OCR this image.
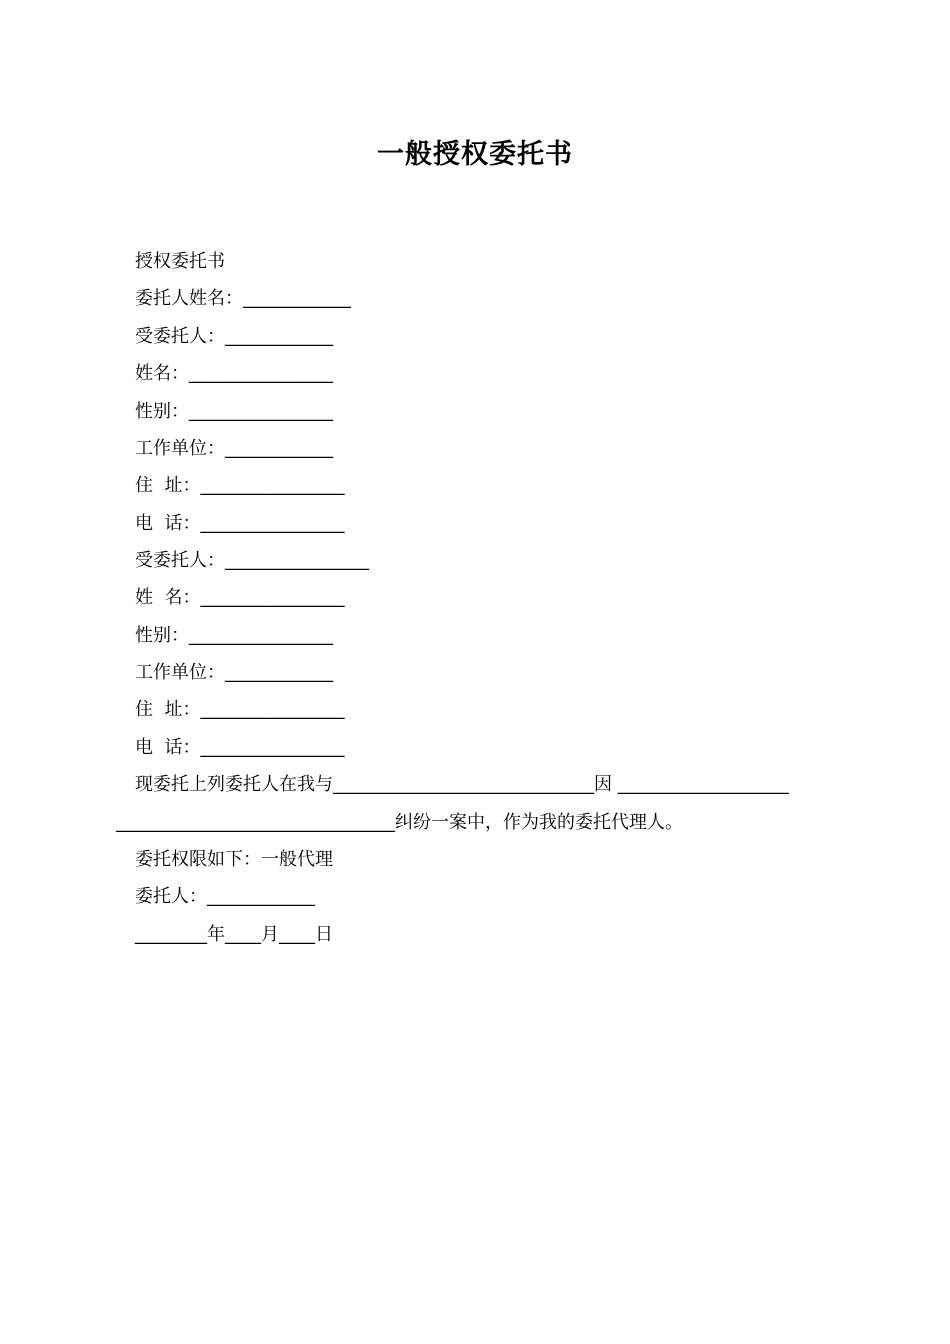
一般授权委托书

授权委托书

委托人姓名：____________

受委托人：____________

姓名：________________

性别：________________

工作单位：____________

住  址：________________

电  话：________________

受委托人：________________

姓  名：________________

性别：________________

工作单位：____________

住  址：________________

电  话：________________

现委托上列委托人在我与_____________________________因 ___________________

_______________________________纠纷一案中，作为我的委托代理人。

委托权限如下：一般代理

委托人：____________

________年____月____日
